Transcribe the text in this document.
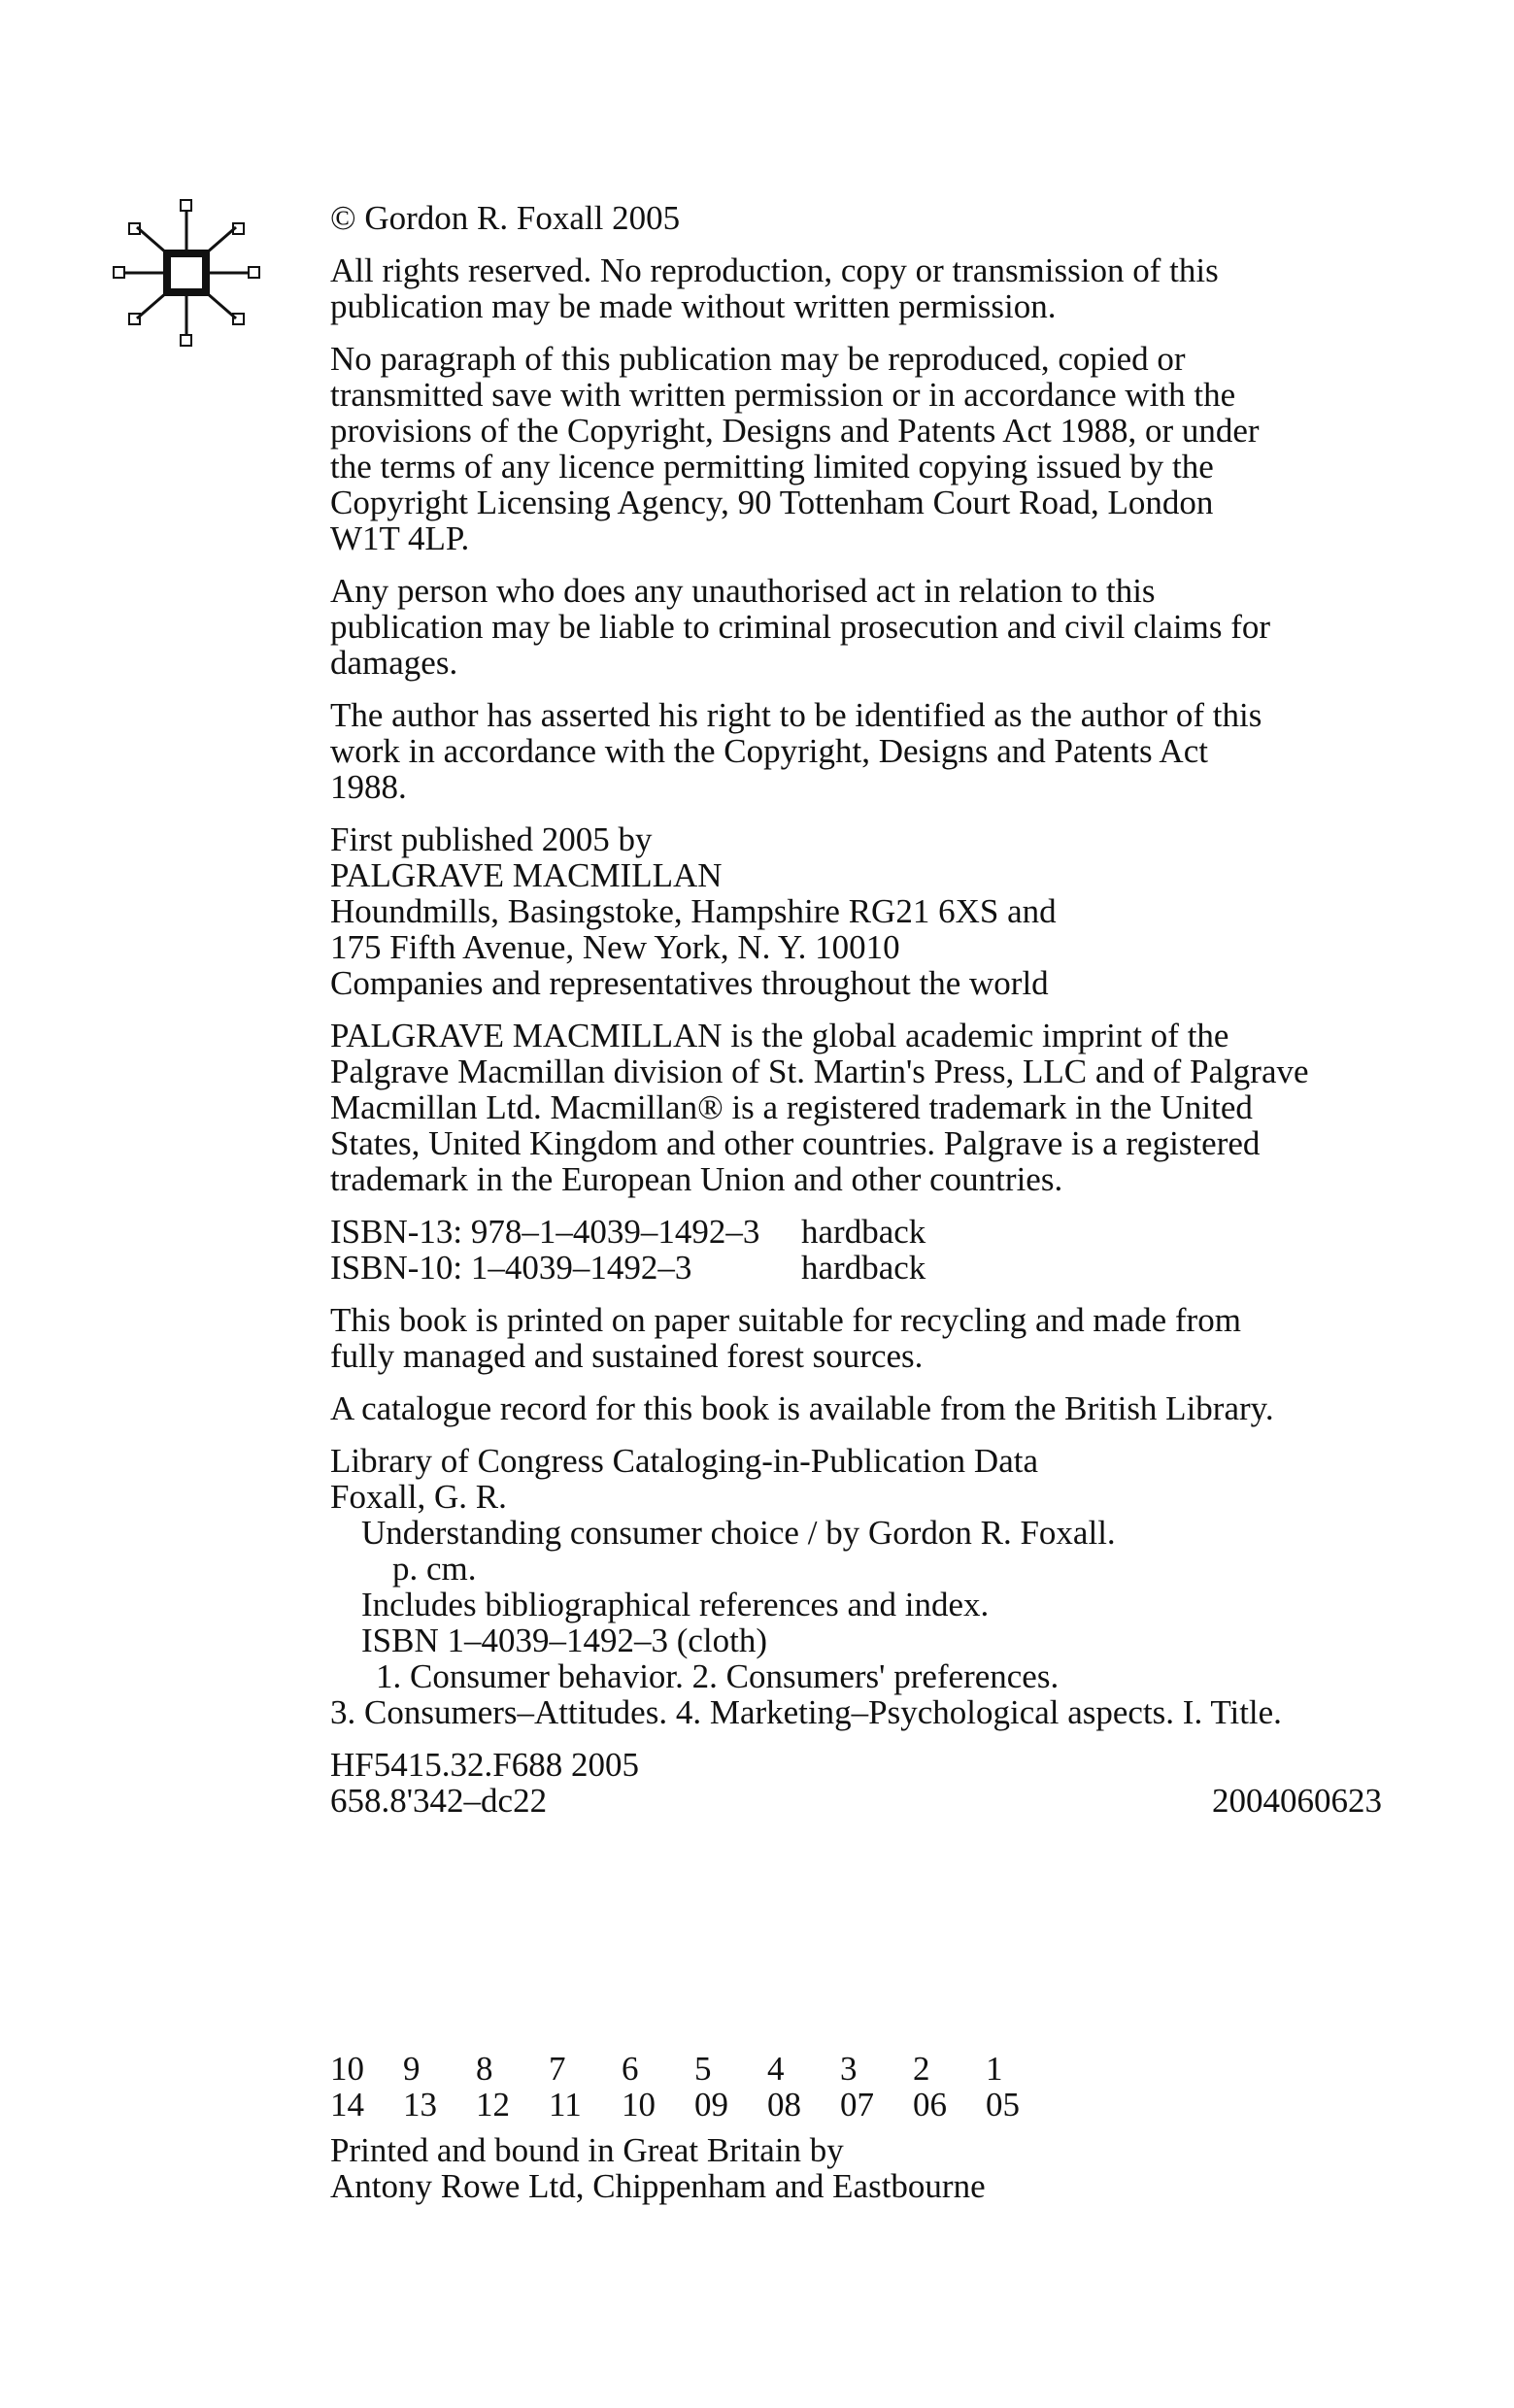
© Gordon R. Foxall 2005

All rights reserved. No reproduction, copy or transmission of this
publication may be made without written permission.

No paragraph of this publication may be reproduced, copied or
transmitted save with written permission or in accordance with the
provisions of the Copyright, Designs and Patents Act 1988, or under
the terms of any licence permitting limited copying issued by the
Copyright Licensing Agency, 90 Tottenham Court Road, London
W1T 4LP.

Any person who does any unauthorised act in relation to this
publication may be liable to criminal prosecution and civil claims for
damages.

The author has asserted his right to be identified as the author of this
work in accordance with the Copyright, Designs and Patents Act
1988.

First published 2005 by
PALGRAVE MACMILLAN
Houndmills, Basingstoke, Hampshire RG21 6XS and
175 Fifth Avenue, New York, N. Y. 10010
Companies and representatives throughout the world

PALGRAVE MACMILLAN is the global academic imprint of the
Palgrave Macmillan division of St. Martin's Press, LLC and of Palgrave
Macmillan Ltd. Macmillan® is a registered trademark in the United
States, United Kingdom and other countries. Palgrave is a registered
trademark in the European Union and other countries.

ISBN-13: 978–1–4039–1492–3	hardback
ISBN-10: 1–4039–1492–3	hardback

This book is printed on paper suitable for recycling and made from
fully managed and sustained forest sources.

A catalogue record for this book is available from the British Library.

Library of Congress Cataloging-in-Publication Data
Foxall, G. R.
Understanding consumer choice / by Gordon R. Foxall.
p. cm.
Includes bibliographical references and index.
ISBN 1–4039–1492–3 (cloth)
1. Consumer behavior. 2. Consumers' preferences.
3. Consumers–Attitudes. 4. Marketing–Psychological aspects. I. Title.
HF5415.32.F688 2005
658.8'342–dc22	2004060623
10 9 8 7 6 5 4 3 2 1
14 13 12 11 10 09 08 07 06 05
Printed and bound in Great Britain by
Antony Rowe Ltd, Chippenham and Eastbourne
